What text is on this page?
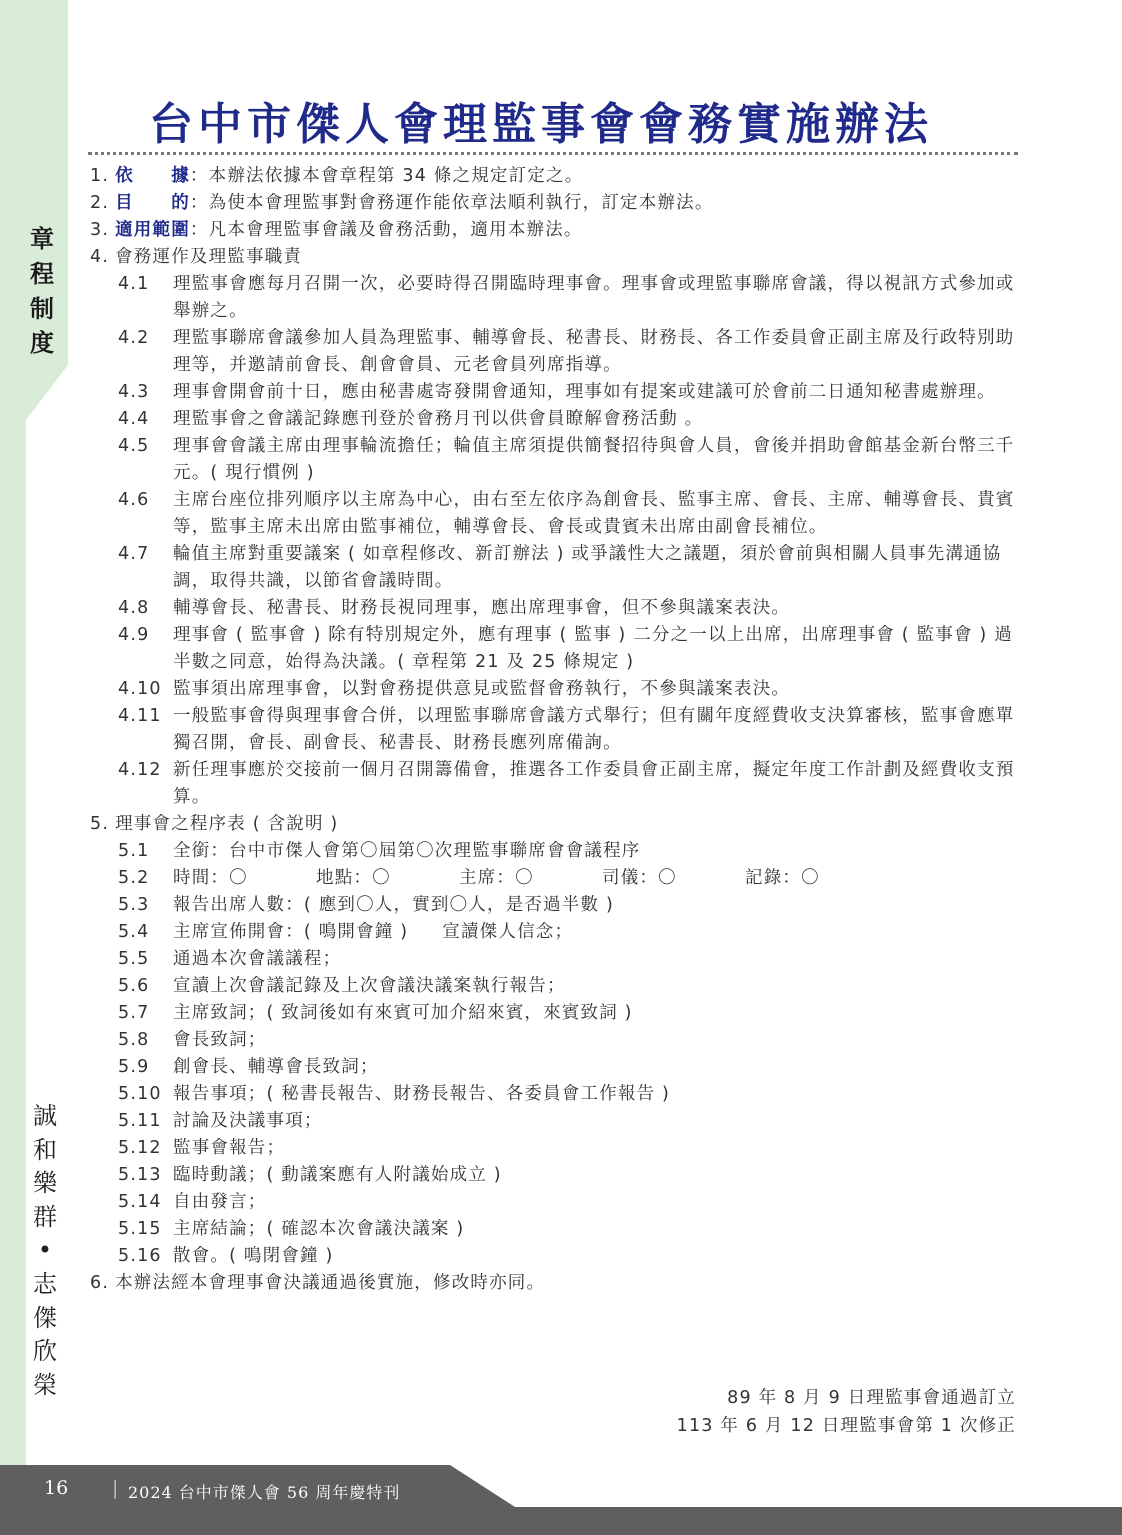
章
程
制
度
誠
和
樂
群
•
志
傑
欣
榮
台中市傑人會理監事會會務實施辦法
1. 依　　據：本辦法依據本會章程第 34 條之規定訂定之。
2. 目　　的：為使本會理監事對會務運作能依章法順利執行，訂定本辦法。
3. 適用範圍：凡本會理監事會議及會務活動，適用本辦法。
4. 會務運作及理監事職責
4.1	理監事會應每月召開一次，必要時得召開臨時理事會。理事會或理監事聯席會議，得以視訊方式參加或舉辦之。
4.2	理監事聯席會議參加人員為理監事、輔導會長、秘書長、財務長、各工作委員會正副主席及行政特別助理等，并邀請前會長、創會會員、元老會員列席指導。
4.3	理事會開會前十日，應由秘書處寄發開會通知，理事如有提案或建議可於會前二日通知秘書處辦理。
4.4	理監事會之會議記錄應刊登於會務月刊以供會員瞭解會務活動 。
4.5	理事會會議主席由理事輪流擔任；輪值主席須提供簡餐招待與會人員，會後并捐助會館基金新台幣三千元。( 現行慣例 )
4.6	主席台座位排列順序以主席為中心，由右至左依序為創會長、監事主席、會長、主席、輔導會長、貴賓等，監事主席未出席由監事補位，輔導會長、會長或貴賓未出席由副會長補位。
4.7	輪值主席對重要議案 ( 如章程修改、新訂辦法 ) 或爭議性大之議題，須於會前與相關人員事先溝通協調，取得共識，以節省會議時間。
4.8	輔導會長、秘書長、財務長視同理事，應出席理事會，但不參與議案表決。
4.9	理事會 ( 監事會 ) 除有特別規定外，應有理事 ( 監事 ) 二分之一以上出席，出席理事會 ( 監事會 ) 過半數之同意，始得為決議。( 章程第 21 及 25 條規定 )
4.10 監事須出席理事會，以對會務提供意見或監督會務執行，不參與議案表決。
4.11 一般監事會得與理事會合併，以理監事聯席會議方式舉行；但有關年度經費收支決算審核，監事會應單獨召開，會長、副會長、秘書長、財務長應列席備詢。
4.12 新任理事應於交接前一個月召開籌備會，推選各工作委員會正副主席，擬定年度工作計劃及經費收支預算。
5. 理事會之程序表 ( 含說明 )
5.1	全銜：台中市傑人會第〇屆第〇次理監事聯席會會議程序
5.2	時間：〇	地點：〇	主席：〇	司儀：〇	記錄：〇
5.3	報告出席人數：( 應到〇人，實到〇人，是否過半數 )
5.4	主席宣佈開會：( 鳴開會鐘 ) 宣讀傑人信念；
5.5	通過本次會議議程；
5.6	宣讀上次會議記錄及上次會議決議案執行報告；
5.7	主席致詞；( 致詞後如有來賓可加介紹來賓，來賓致詞 )
5.8	會長致詞；
5.9	創會長、輔導會長致詞；
5.10 報告事項；( 秘書長報告、財務長報告、各委員會工作報告 )
5.11 討論及決議事項；
5.12 監事會報告；
5.13 臨時動議；( 動議案應有人附議始成立 )
5.14 自由發言；
5.15 主席結論；( 確認本次會議決議案 )
5.16 散會。( 鳴閉會鐘 )
6. 本辦法經本會理事會決議通過後實施，修改時亦同。
89 年 8 月 9 日理監事會通過訂立
113 年 6 月 12 日理監事會第 1 次修正
16 | 2024 台中市傑人會 56 周年慶特刊
